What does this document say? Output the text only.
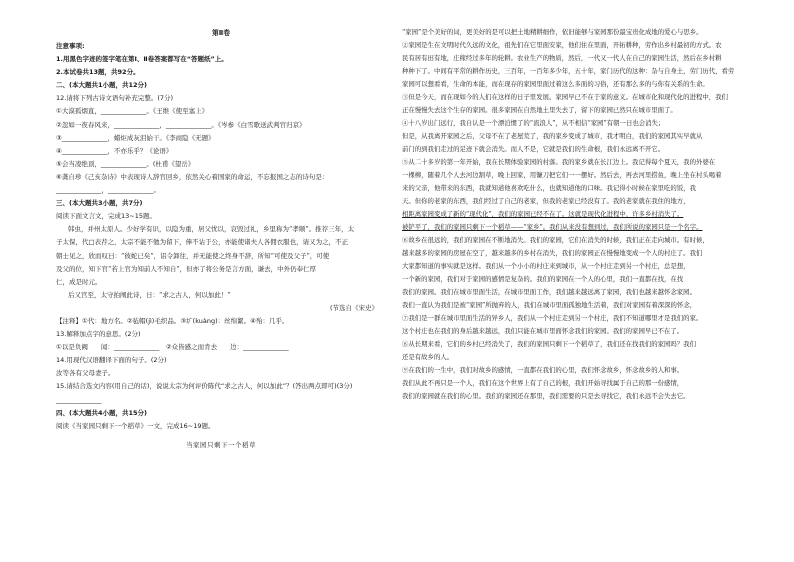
第Ⅱ卷
注意事项:
1.用黑色字迹的签字笔在第Ⅰ、Ⅱ卷答案都写在“答题纸”上。
2.本试卷共13题，共92分。
二、(本大题共1小题，共12分)
12.请将下列古诗文语句补充完整。(7分)
①大漠孤烟直，______________。《王维《使至塞上》
②忽如一夜春风来，______________，______________。《岑参《白雪歌送武判官归京》
③______________，蜡炬成灰泪始干。《李商隐《无题》
④______________，不亦乐乎？《论语》
⑤会当凌绝顶，______________。(杜甫《望岳》
⑥龚自珍《己亥杂诗》中表现诗人辞官回乡，依然关心着国家的命运，不忘报国之志的诗句是：
______________，______________。
三、(本大题共3小题，共7分)
阅读下面文言文，完成13~15题。
韩虫，并州太原人。少好学有识，以隐为重，居父忧以，哀毁过礼，乡里称为“孝顺”。推荐三年，太
子太保，代□表荐之，太宗不能不勉为留下，俸不诂于公，亦能使诸夫人各佣衣服也，请又为之，不正
朝士见之，欣而叹曰：“彼蛇已矣”，诏令卸往，并无能使之终身不辞，所知“可使及父子”，可使
及父的位，知下官“若上官为知前人不知自”，但亦了将公务是言方面，谦去，中外仍奉仁厚
仁，成是时元。
后又官至，太守拍阐此诗，日：“求之古人，何以加此！”
(节选自《宋史》
【注释】①代：地方名。②毡帽(jì)毛织品。③圹(kuàng)：丝绵絮。④殆：几乎。
13.解释加点字的意思。(2分)
①以是负阙　　闻：______________　②众皆感之而肯去　　边：______________
14.用现代汉语翻译下面的句子。(2分)
汝等各有父母妻子。
15.请结合选文内容(用自己的话)，说说太宗为何评价陈代“求之古人，何以加此”？(答出两点即可)(3分)
______________
四、(本大题共4小题，共15分)
阅读《当家园只剩下一个稻草》一文，完成16~19题。
当家园只剩下一个稻草
“家园”是个美好的词，更美好的是可以把土地精耕细作，依旧能够与家园那份最宝贵化成地的爱心与思乡。
②家园是生在文明时代久远的文化，祖先们在它里面安家，他们住在里面，开拓耕种，劳作出乡村最初的方式。农
民有居有田有地，庄稼经过多年的轮耕。农业生产的物质，然后，一代又一代人在自己的家园生活，然后在乡村耕
种种下了。中间有平常的耕作历史，三百年，一百年多少年，五十年，家门历代的这种：杂与自身土，劳门历代，看劳
家园可以想看看，生命的本能，而在现存的家园里面过着这么多面的习俗，还有那么多的与你有关系的生命。
③但是今天，而在现如今的人们在这样的日子里发展。家园早已不在于家的意义。在城市化和现代化的进程中，我们
正在慢慢失去这个生存的家园。很多家园在自然地土里失去了，留下的家园已然只在城市里面了。
④十八岁出门远行，我自认是一个漂泊惯了的“流浪人”，从不相信“家园”有朝一日也会消失；
但是，从我离开家园之后，父母不在了老屋荒了，我的家乡变成了城市，我才明白，我们的家园其实早就从
前门的到我们走过的足迹下就会消失。而人不是，它就是我们的生命根，我们永远离不开它。
⑤从二十多岁的第一年开始，我在长期体验家园的村落。我的家乡就在长江边上。我记得每个夏天，我的外婆在
一棵柳，随着几个人去河边割草，晚上回家，用镰刀把它们一一摆好。然后去，再去河里捞鱼，晚上坐在村头喝着
来的父亲，他带来的东西，我就知道他喜欢吃什么，也就知道他的口味。我记得小时候在家里吃的饭，我
天。但你的老家的东西，我们经过了自己的老家，但我的老家已经没有了。我的老家就在我住的地方，
相距离家园变成了新的“现代化”，我们的家园已经不在了。这就是现代化进程中，许多乡村消失了。
被铲平了，我们的家园只剩下一个稻草——“家乡”。我们从来没有想到过，我们所说的家园只是一个名字。
⑥故乡在很远的，我们的家园在不断地消失。我们的家园，它们在消失的时候，我们正在走向城市。有时候，
越来越多的家园的房屋在空了，越来越多的乡村在消失，我们的家园正在慢慢地变成一个人的村庄了。我们
大家都知道的事实就是这样。我们从一个小小的村庄来到城市，从一个村庄走到另一个村庄，总是想，
一个新的家园，我们对于家园的感情是复杂的。我们的家园在一个人的心里，我们一直都在找，在找
我们的家园。我们在城市里面生活，在城市里面工作，我们越来越远离了家园，我们也越来越怀念家园。
我们一直认为我们是被“家园”所抛弃的人，我们在城市里面孤独地生活着，我们对家园有着深深的怀念，
⑦我们是一群在城市里面生活的异乡人，我们从一个村庄走到另一个村庄，我们不知道哪里才是我们的家。
这个村庄也在我们的身后越来越远，我们只能在城市里面怀念我们的家园。我们的家园早已不在了。
⑧从长期来看，它们的乡村已经消失了，我们的家园只剩下一个稻草了，我们还在找我们的家园吗？我们
还是有故乡的人。
⑨在我们的一生中，我们对故乡的感情，一直都在我们的心里，我们怀念故乡，怀念故乡的人和事。
我们从此不再只是一个人，我们在这个世界上有了自己的根，我们开始寻找属于自己的那一份感情，
我们的家园就在我们的心里。我们的家园还在那里，我们需要的只是去寻找它，我们永远不会失去它。
